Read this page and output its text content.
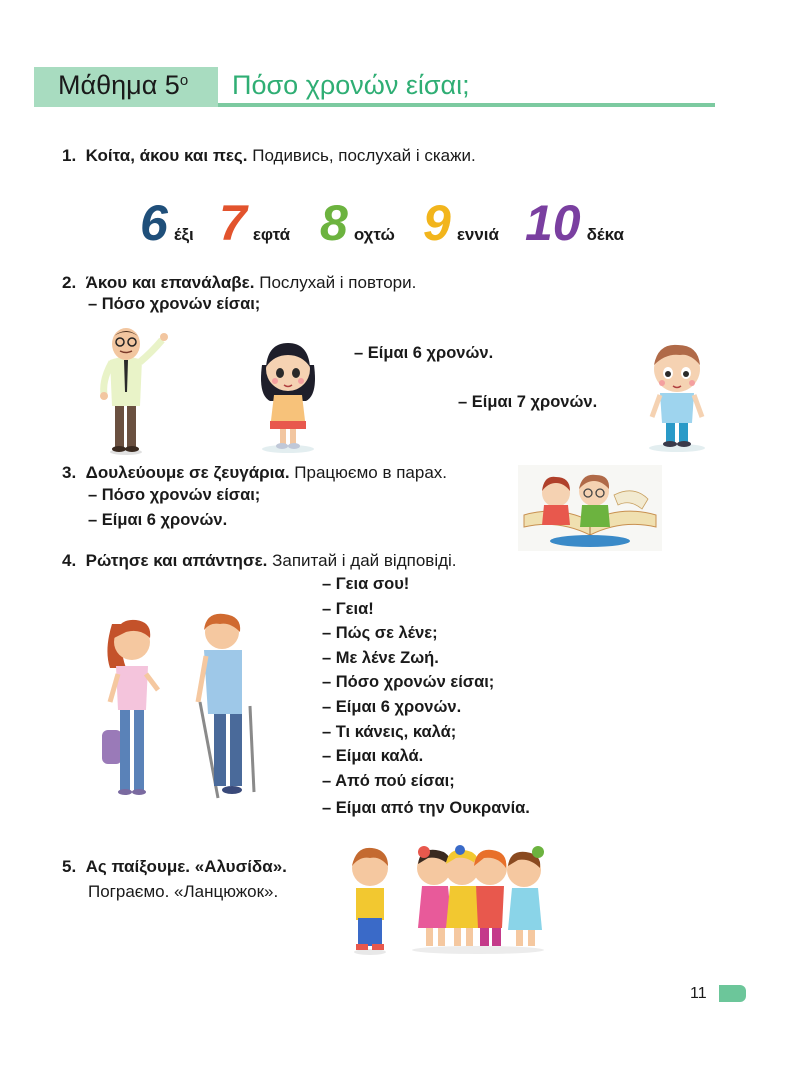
Μάθημα $5^o$ Πόσο χρονών είσαι;
1. Κοίτα, άκου και πες. Подивись, послухай і скажи.
6 έξι 7 εφτά 8 οχτώ 9 εννιά 10 δέκα
2. Άκου και επανάλαβε. Послухай і повтори.
– Πόσο χρονών είσαι;
– Είμαι 6 χρονών.
– Είμαι 7 χρονών.
3. Δουλεύουμε σε ζευγάρια. Працюємо в парах.
– Πόσο χρονών είσαι;
– Είμαι 6 χρονών.
4. Ρώτησε και απάντησε. Запитай і дай відповіді.
– Γεια σου!
– Γεια!
– Πώς σε λένε;
– Με λένε Ζωή.
– Πόσο χρονών είσαι;
– Είμαι 6 χρονών.
– Τι κάνεις, καλά;
– Είμαι καλά.
– Από πού είσαι;
– Είμαι από την Ουκρανία.
5. Ας παίξουμε. «Αλυσίδα».
Пограємо. «Ланцюжок».
11
